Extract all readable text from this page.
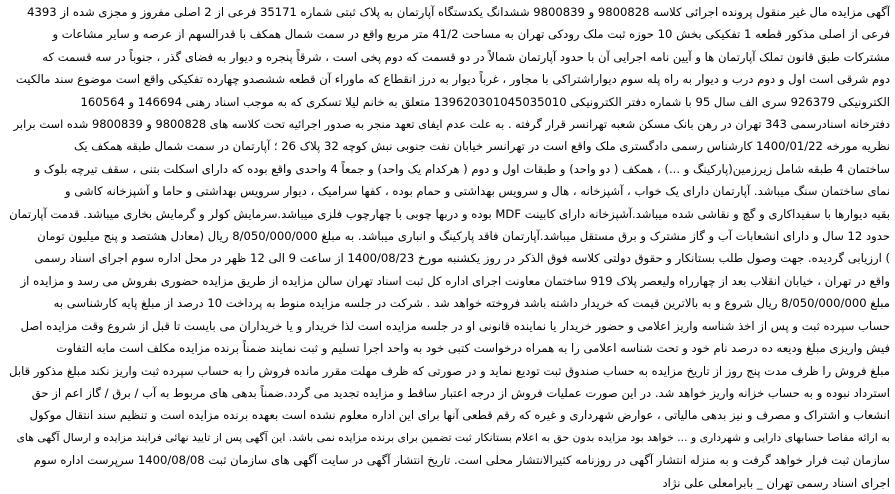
آگهی مزایده مال غیر منقول پرونده اجرائی کلاسه 9800828 و 9800839 ششدانگ یکدستگاه آپارتمان به پلاک ثبتی شماره 35171 فرعی از 2 اصلی مفروز و مجزی شده از 4393
فرعی از اصلی مذکور قطعه 1 تفکیکی بخش 10 حوزه ثبت ملک رودکی تهران به مساحت 41/2 متر مربع واقع در سمت شمال همکف با قدرالسهم از عرصه و سایر مشاعات و
مشترکات طبق قانون تملک آپارتمان ها و آیین نامه اجرایی آن با حدود آپارتمان شمالاً در دو قسمت که دوم پخی است ، شرقاً پنجره و دیوار به فضای گذر ، جنوباً در سه قسمت که
دوم شرقی است اول و دوم درب و دیوار به راه پله سوم دیواراشتراکی با مجاور ، غرباً دیوار به درز انقطاع که ماوراء آن قطعه ششصدو چهارده تفکیکی واقع است موضوع سند مالکیت
الکترونیکی 926379 سری الف سال 95 با شماره دفتر الکترونیکی 139620301045035010 متعلق به خانم لیلا تسکری که به موجب اسناد رهنی 146694 و 160564
دفترخانه اسنادرسمی 343 تهران در رهن بانک مسکن شعبه تهرانسر قرار گرفته . به علت عدم ایفای تعهد منجر به صدور اجرائیه تحت کلاسه های 9800828 و 9800839 شده است برابر
نظریه مورخه 1400/01/22 کارشناس رسمی دادگستری ملک واقع است در تهرانسر خیابان نفت جنوبی نبش کوچه 32 پلاک 26 ؛ آپارتمان در سمت شمال طبقه همکف یک
ساختمان 4 طبقه شامل زیرزمین(پارکینگ و ...) ، همکف ( دو واحد) و طبقات اول و دوم ( هرکدام یک واحد) و جمعاً 4 واحدی واقع بوده که دارای اسکلت بتنی ، سقف تیرچه بلوک و
نمای ساختمان سنگ میباشد. آپارتمان دارای یک خواب ، آشپزخانه ، هال و سرویس بهداشتی و حمام بوده ، کفها سرامیک ، دیوار سرویس بهداشتی و حاما و آشپزخانه کاشی و
بقیه دیوارها با سفیداکاری و گچ و نقاشی شده میباشد.آشپزخانه دارای کابینت MDF بوده و دربها چوبی با چهارچوب فلزی میباشد.سرمایش کولر و گرمایش بخاری میباشد. قدمت آپارتمان
حدود 12 سال و دارای انشعابات آب و گاز مشترک و برق مستقل میباشد.آپارتمان فاقد پارکینگ و انباری میباشد. به مبلغ 8/050/000/000 ریال (معادل هشتصد و پنج میلیون تومان
) ارزیابی گردیده. جهت وصول طلب بستانکار و حقوق دولتی کلاسه فوق الذکر در روز یکشنبه مورخ 1400/08/23 از ساعت 9 الی 12 ظهر در محل اداره سوم اجرای اسناد رسمی
واقع در تهران ، خیابان انقلاب بعد از چهارراه ولیعصر پلاک 919 ساختمان معاونت اجرای اداره کل ثبت اسناد تهران سالن مزایده از طریق مزایده حضوری بفروش می رسد و مزایده از
مبلغ 8/050/000/000 ریال شروع و به بالاترین قیمت که خریدار داشته باشد فروخته خواهد شد . شرکت در جلسه مزایده منوط به پرداخت 10 درصد از مبلغ پایه کارشناسی به
حساب سپرده ثبت و پس از اخذ شناسه واریز اعلامی و حضور خریدار یا نماینده قانونی او در جلسه مزایده است لذا خریدار و یا خریداران می بایست تا قبل از شروع وقت مزایده اصل
فیش واریزی مبلغ ودیعه ده درصد نام خود و تحت شناسه اعلامی را به همراه درخواست کتبی خود به واحد اجرا تسلیم و ثبت نمایند ضمناً برنده مزایده مکلف است مابه التفاوت
مبلغ فروش را ظرف مدت پنج روز از تاریخ مزایده به حساب صندوق ثبت تودیع نماید و در صورتی که ظرف مهلت مقرر مانده فروش را به حساب سپرده ثبت واریز نکند مبلغ مذکور قابل
استرداد نبوده و به حساب خزانه واریز خواهد شد. در این صورت عملیات فروش از درجه اعتبار ساقط و مزایده تجدید می گردد.ضمناً بدهی های مربوط به آب / برق / گاز اعم از حق
انشعاب و اشتراک و مصرف و نیز بدهی مالیاتی ، عوارض شهرداری و غیره که رقم قطعی آنها برای این اداره معلوم نشده است بعهده برنده مزایده است و تنظیم سند انتقال موکول
به ارائه مفاصا حسابهای دارایی و شهرداری و ... خواهد بود مزایده بدون حق به اعلام بستانکار ثبت تضمین برای برنده مزایده نمی باشد. این آگهی پس از تایید نهائی فرایند مزایده و ارسال آگهی های
سازمان ثبت فرار خواهد گرفت و به منزله انتشار آگهی در روزنامه کثیرالانتشار محلی است. تاریخ انتشار آگهی در سایت آگهی های سازمان ثبت 1400/08/08 سرپرست اداره سوم
اجرای اسناد رسمی تهران _ بابرامعلی علی نژاد
